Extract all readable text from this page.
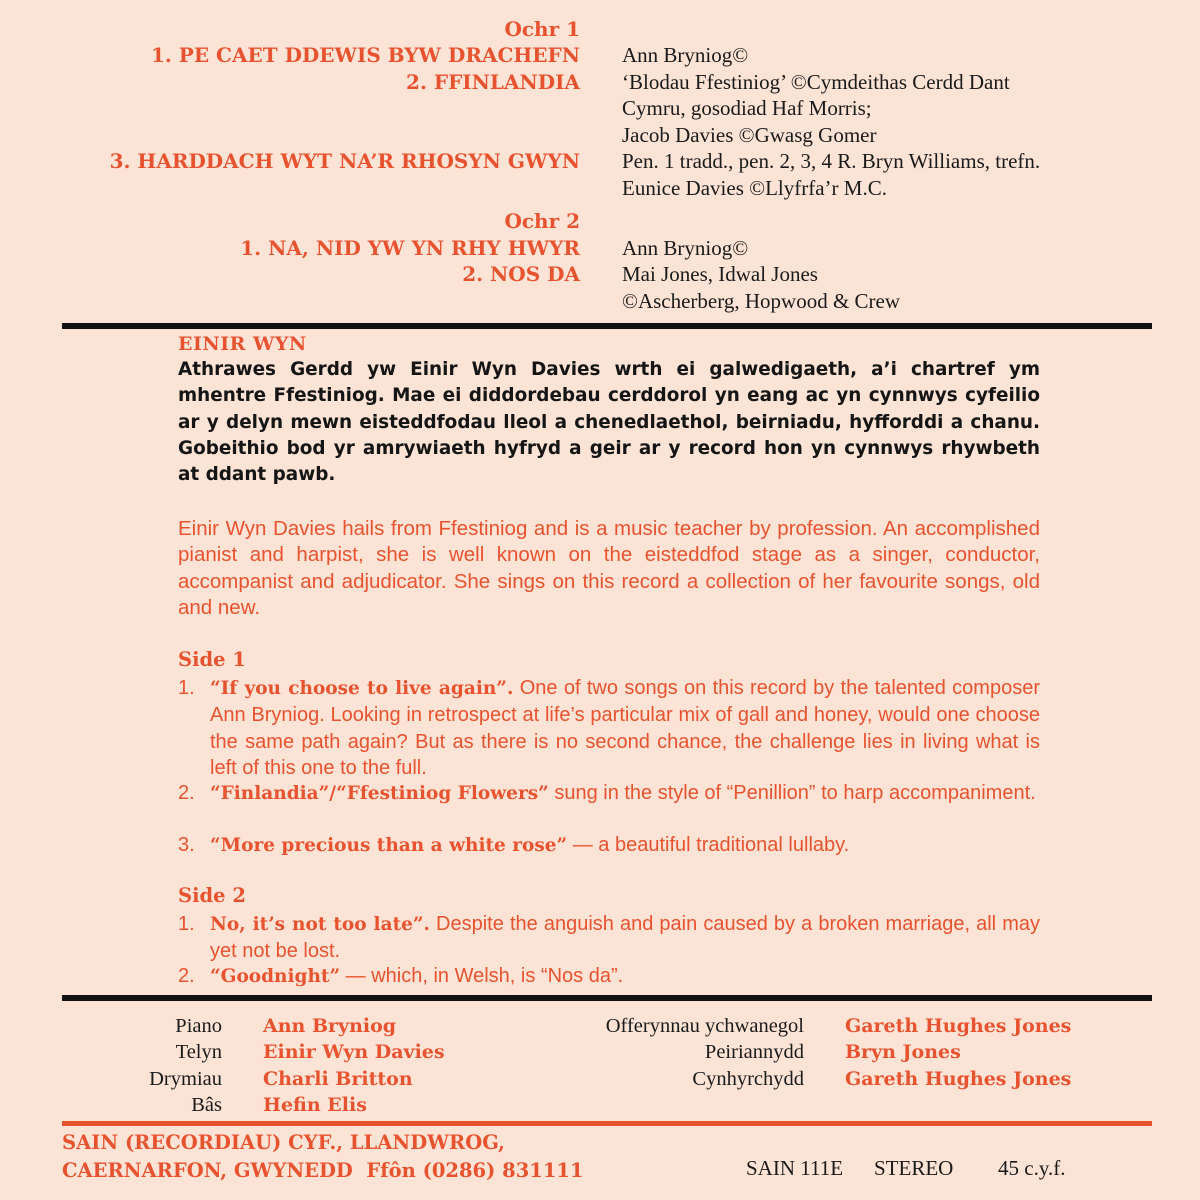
Ochr 1
1. PE CAET DDEWIS BYW DRACHEFN
2. FFINLANDIA
3. HARDDACH WYT NA’R RHOSYN GWYN
Ann Bryniog©
‘Blodau Ffestiniog’ ©Cymdeithas Cerdd Dant
Cymru, gosodiad Haf Morris;
Jacob Davies ©Gwasg Gomer
Pen. 1 tradd., pen. 2, 3, 4 R. Bryn Williams, trefn.
Eunice Davies ©Llyfrfa’r M.C.
Ochr 2
1. NA, NID YW YN RHY HWYR
2. NOS DA
Ann Bryniog©
Mai Jones, Idwal Jones
©Ascherberg, Hopwood & Crew
EINIR WYN
Athrawes Gerdd yw Einir Wyn Davies wrth ei galwedigaeth, a’i chartref ym mhentre Ffestiniog. Mae ei diddordebau cerddorol yn eang ac yn cynnwys cyfeilio ar y delyn mewn eisteddfodau lleol a chenedlaethol, beirniadu, hyfforddi a chanu. Gobeithio bod yr amrywiaeth hyfryd a geir ar y record hon yn cynnwys rhywbeth at ddant pawb.
Einir Wyn Davies hails from Ffestiniog and is a music teacher by profession. An accomplished pianist and harpist, she is well known on the eisteddfod stage as a singer, conductor, accompanist and adjudicator. She sings on this record a collection of her favourite songs, old and new.
Side 1
1. “If you choose to live again”. One of two songs on this record by the talented composer Ann Bryniog. Looking in retrospect at life’s particular mix of gall and honey, would one choose the same path again? But as there is no second chance, the challenge lies in living what is left of this one to the full.
2. “Finlandia”/“Ffestiniog Flowers” sung in the style of “Penillion” to harp accompaniment.
3. “More precious than a white rose” — a beautiful traditional lullaby.
Side 2
1. No, it’s not too late”. Despite the anguish and pain caused by a broken marriage, all may yet not be lost.
2. “Goodnight” — which, in Welsh, is “Nos da”.
Piano Ann Bryniog
Telyn Einir Wyn Davies
Drymiau Charli Britton
Bâs Hefin Elis
Offerynnau ychwanegol Gareth Hughes Jones
Peiriannydd Bryn Jones
Cynhyrchydd Gareth Hughes Jones
SAIN (RECORDIAU) CYF., LLANDWROG,
CAERNARFON, GWYNEDD Ffôn (0286) 831111	SAIN 111E STEREO 45 c.y.f.
